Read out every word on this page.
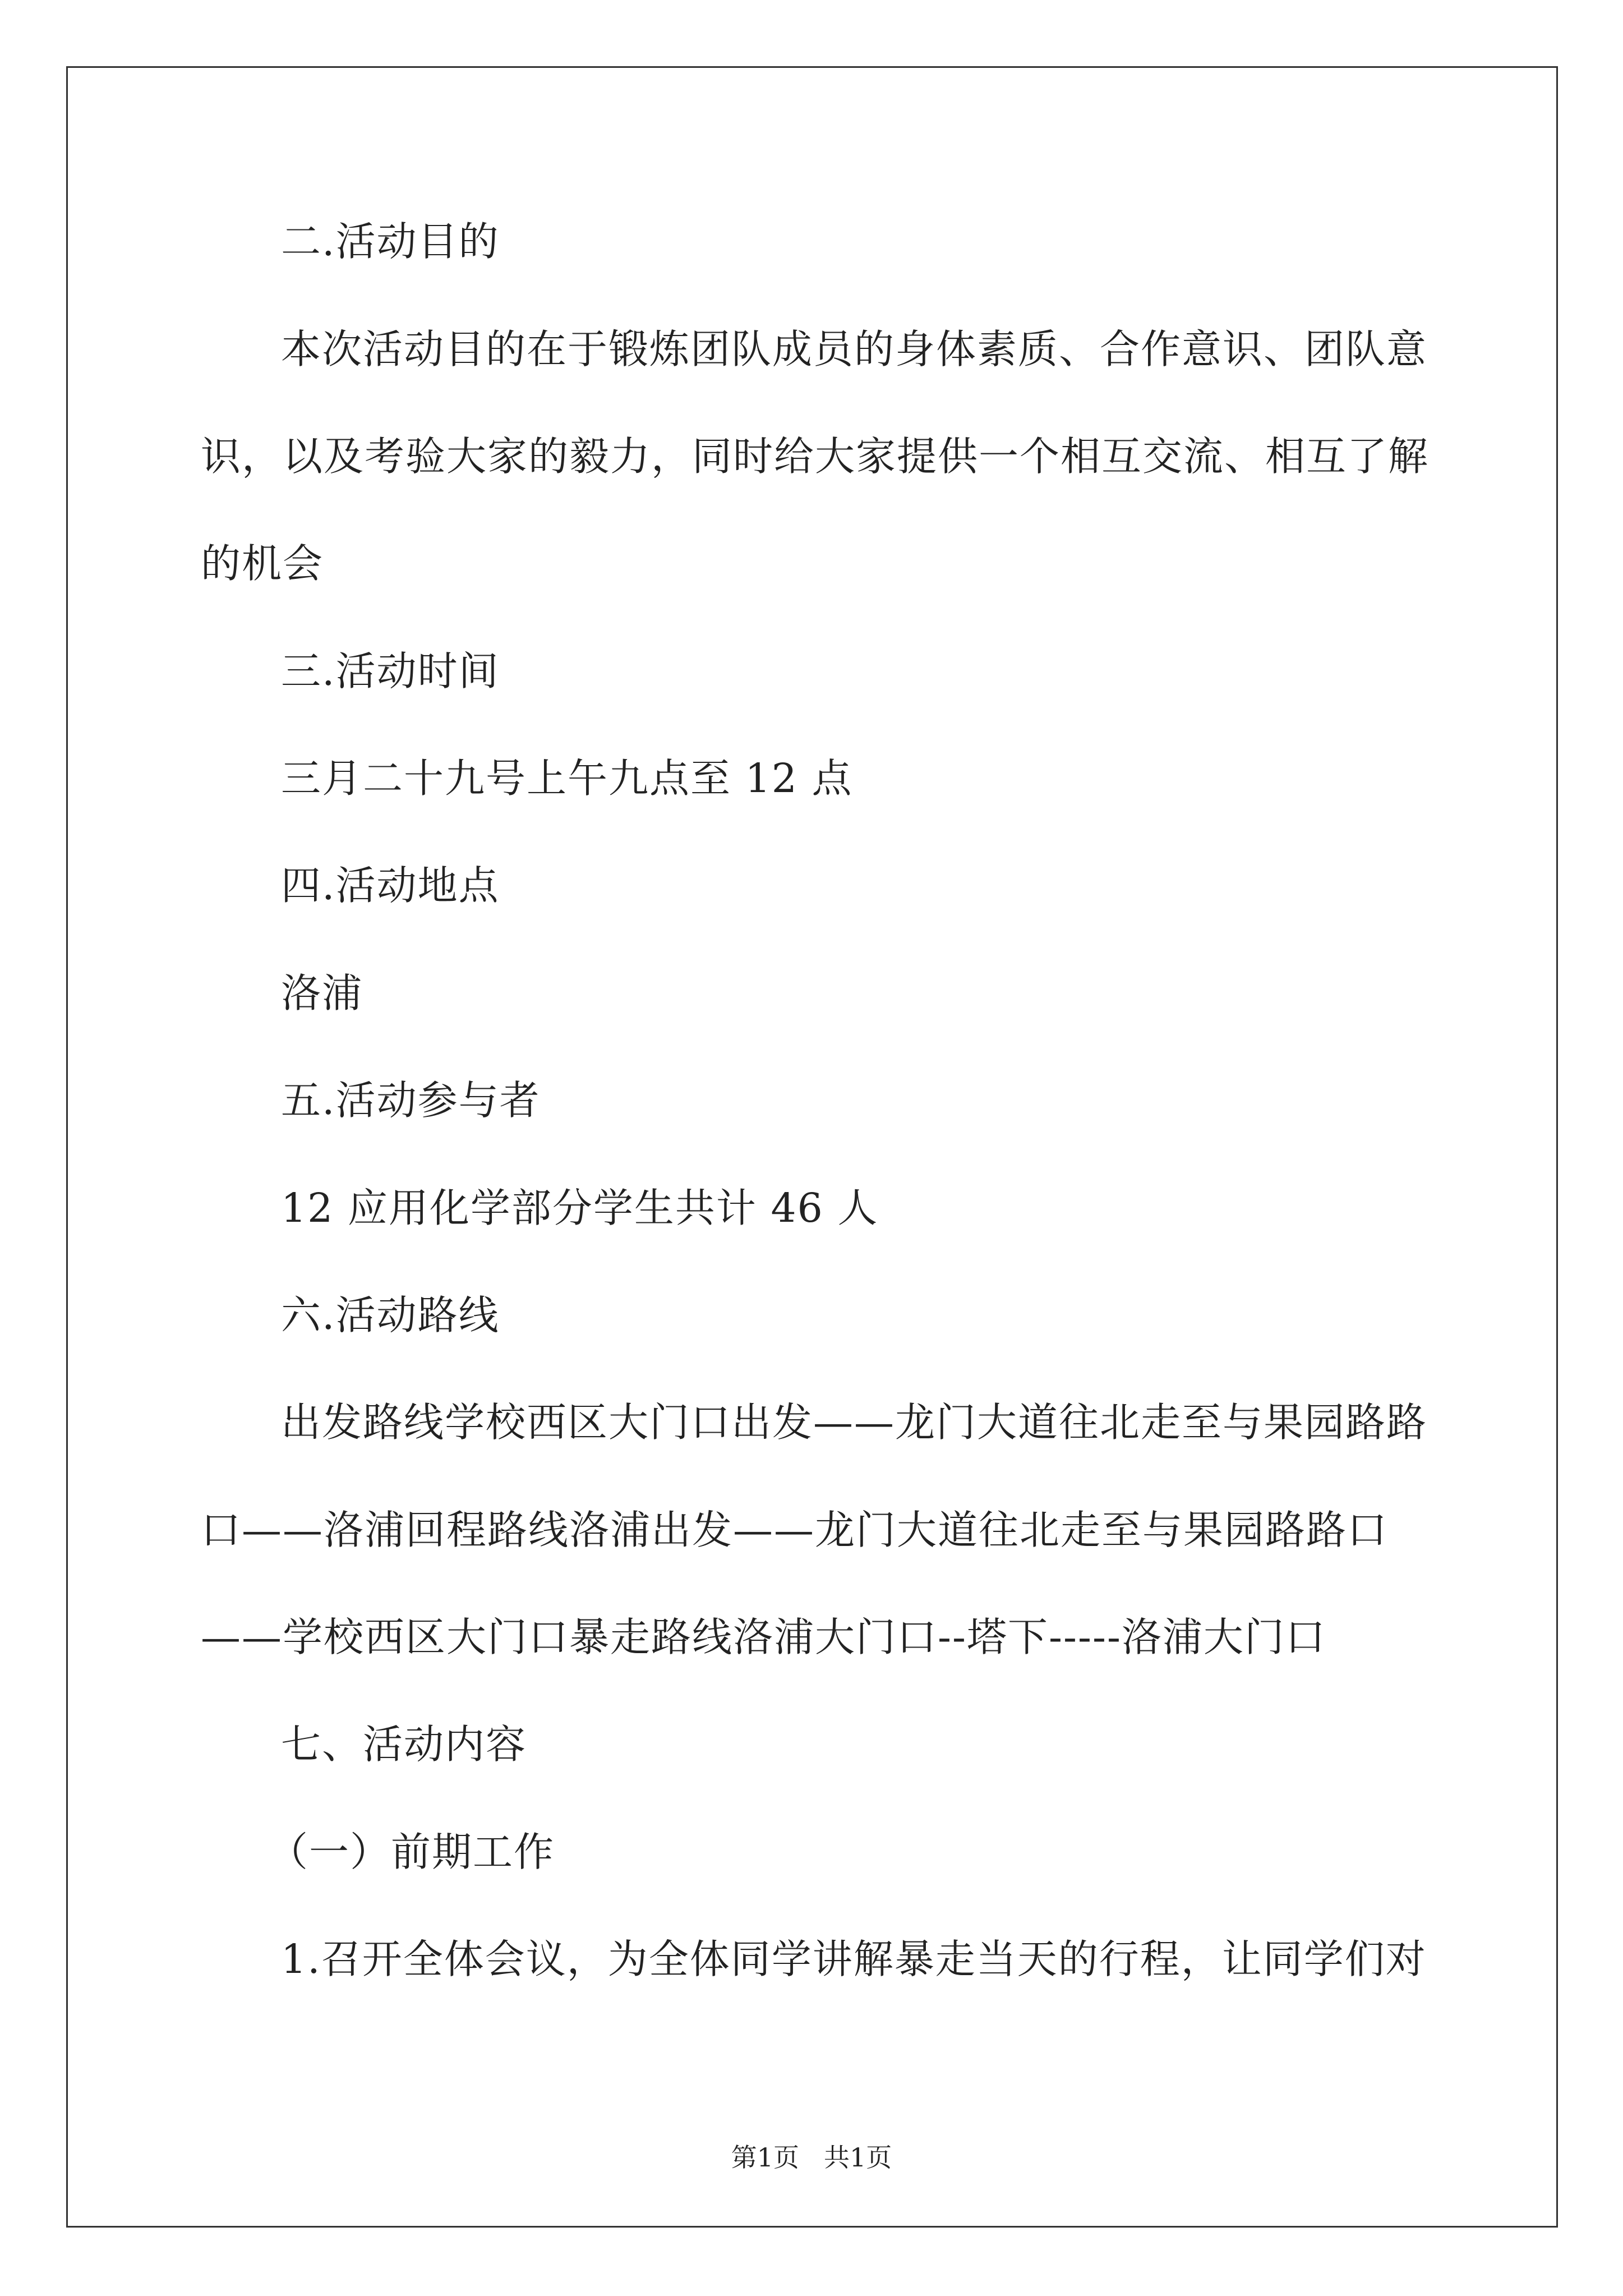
二.活动目的
本次活动目的在于锻炼团队成员的身体素质、合作意识、团队意
识，以及考验大家的毅力，同时给大家提供一个相互交流、相互了解
的机会
三.活动时间
三月二十九号上午九点至 12 点
四.活动地点
洛浦
五.活动参与者
12 应用化学部分学生共计 46 人
六.活动路线
出发路线学校西区大门口出发——龙门大道往北走至与果园路路
口——洛浦回程路线洛浦出发——龙门大道往北走至与果园路路口
——学校西区大门口暴走路线洛浦大门口--塔下-----洛浦大门口
七、活动内容
（一）前期工作
1.召开全体会议，为全体同学讲解暴走当天的行程，让同学们对
第1页 共1页
